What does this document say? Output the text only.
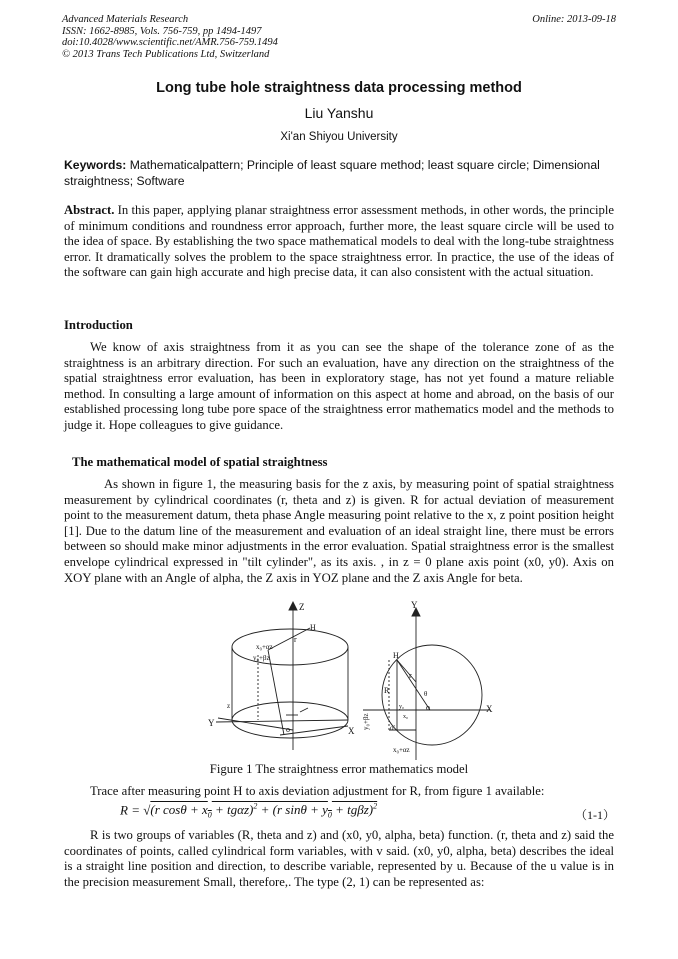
Advanced Materials Research
ISSN: 1662-8985, Vols. 756-759, pp 1494-1497
doi:10.4028/www.scientific.net/AMR.756-759.1494
© 2013 Trans Tech Publications Ltd, Switzerland
Online: 2013-09-18
Long tube hole straightness data processing method
Liu Yanshu
Xi'an Shiyou University
Keywords: Mathematicalpattern; Principle of least square method; least square circle; Dimensional straightness; Software
Abstract. In this paper, applying planar straightness error assessment methods, in other words, the principle of minimum conditions and roundness error approach, further more, the least square circle will be used to the idea of space. By establishing the two space mathematical models to deal with the long-tube straightness error. It dramatically solves the problem to the space straightness error. In practice, the use of the ideas of the software can gain high accurate and high precise data, it can also consistent with the actual situation.
Introduction
We know of axis straightness from it as you can see the shape of the tolerance zone of as the straightness is an arbitrary direction. For such an evaluation, have any direction on the straightness of the spatial straightness error evaluation, has been in exploratory stage, has not yet found a mature reliable method. In consulting a large amount of information on this aspect at home and abroad, on the basis of our established processing long tube pore space of the straightness error mathematics model and the methods to judge it. Hope colleagues to give guidance.
The mathematical model of spatial straightness
As shown in figure 1, the measuring basis for the z axis, by measuring point of spatial straightness measurement by cylindrical coordinates (r, theta and z) is given. R for actual deviation of measurement point to the measurement datum, theta phase Angle measuring point relative to the x, z point position height [1]. Due to the datum line of the measurement and evaluation of an ideal straight line, there must be errors between so should make minor adjustments in the error evaluation. Spatial straightness error is the smallest envelope cylindrical expressed in "tilt cylinder", as its axis. , in z = 0 plane axis point (x0, y0). Axis on XOY plane with an Angle of alpha, the Z axis in YOZ plane and the Z axis Angle for beta.
Z
H
r
x₀+αz
y₀+βz
z
o
Y
X
Y
X
H
r
R
o
θ
o'
x₀
y₀
x₀+αz
y₀+βz
Figure 1 The straightness error mathematics model
Trace after measuring point H to axis deviation adjustment for R, from figure 1 available:
R = √(r $\cos\theta + x_0 + tg\alpha z)^2 + (r$ $\sin\theta + y_0 + tg\beta z)^2$
（1-1）
R is two groups of variables (R, theta and z) and (x0, y0, alpha, beta) function. (r, theta and z) said the coordinates of points, called cylindrical form variables, with v said. (x0, y0, alpha, beta) describes the ideal is a straight line position and direction, to describe variable, represented by u. Because of the u value is in the precision measurement Small, therefore,. The type (2, 1) can be represented as:
